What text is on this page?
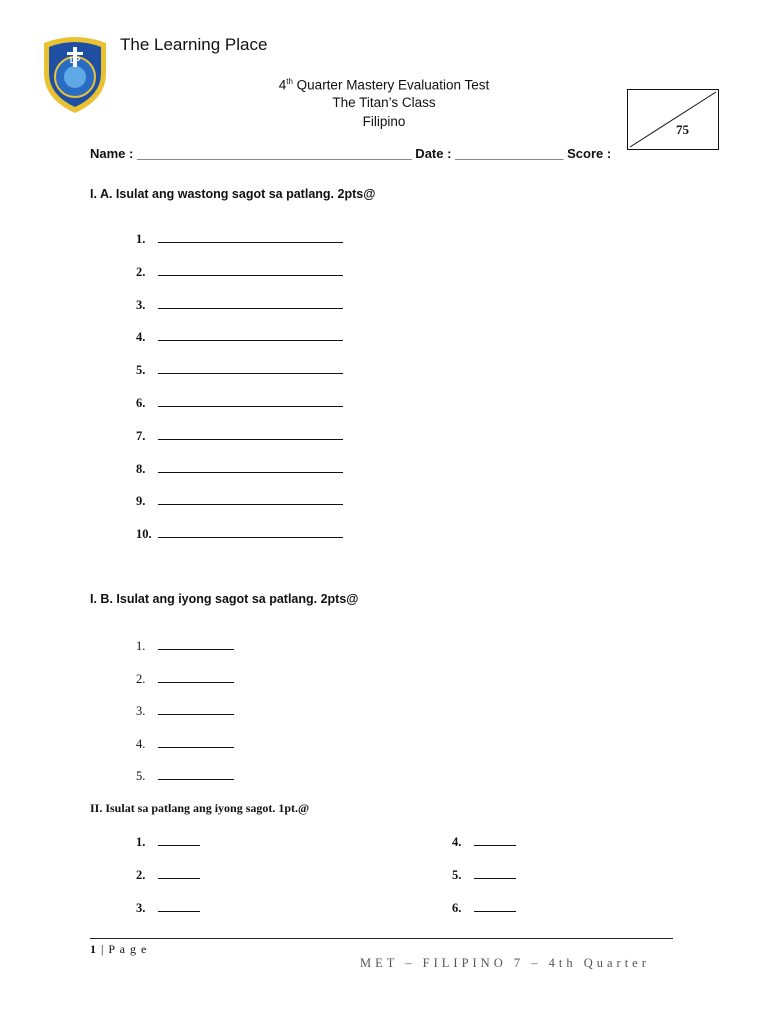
LP
The Learning Place
4th Quarter Mastery Evaluation Test
The Titan’s Class
Filipino
75
Name : ______________________________________ Date : _______________ Score :
I. A. Isulat ang wastong sagot sa patlang. 2pts@
1.
2.
3.
4.
5.
6.
7.
8.
9.
10.
I. B. Isulat ang iyong sagot sa patlang. 2pts@
1.
2.
3.
4.
5.
II. Isulat sa patlang ang iyong sagot. 1pt.@
1.
2.
3.
4.
5.
6.
1 | P a g e
MET – FILIPINO 7 – 4th Quarter
